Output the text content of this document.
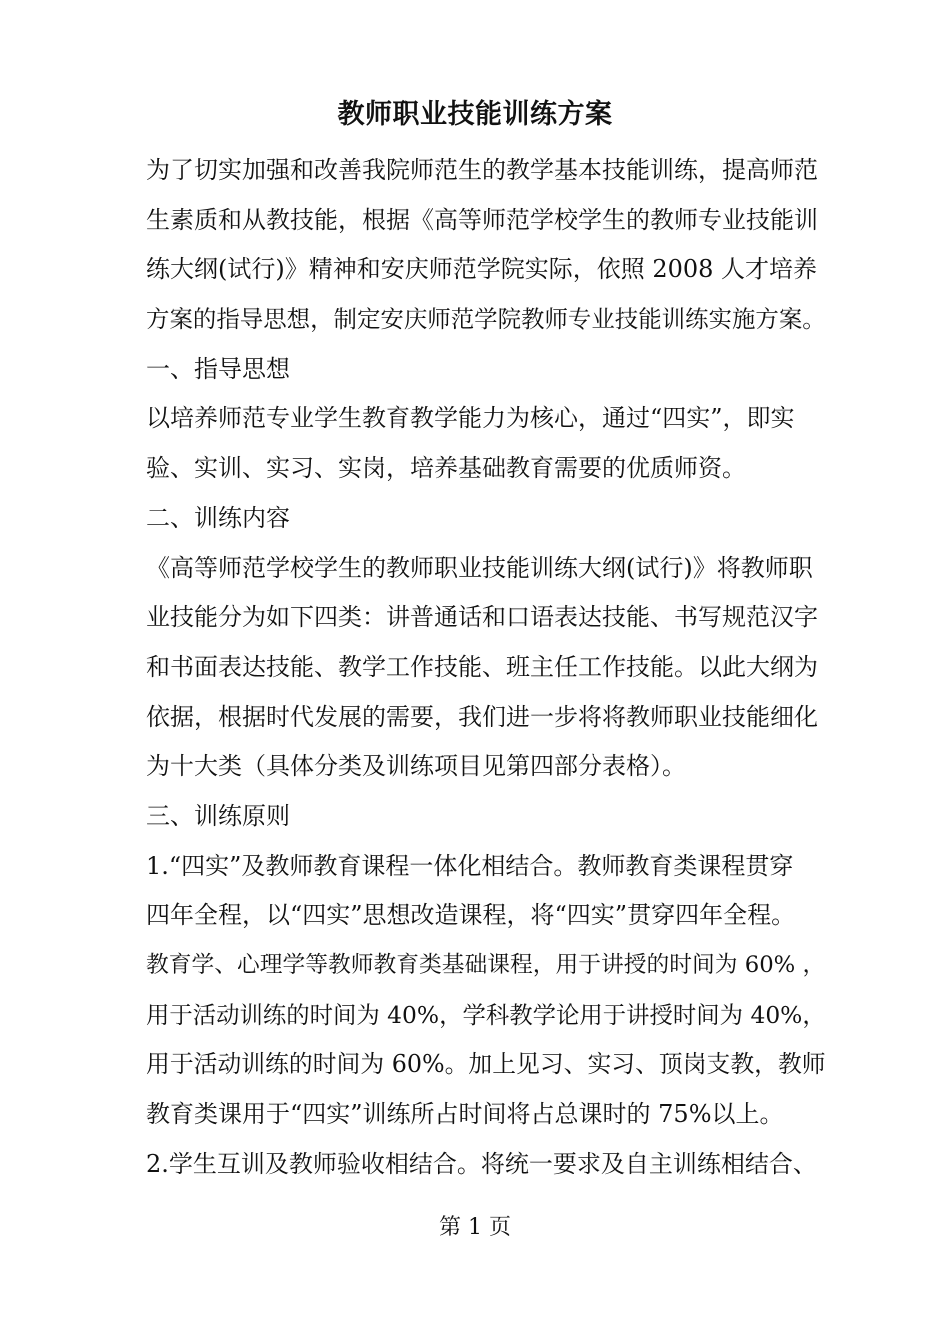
教师职业技能训练方案
为了切实加强和改善我院师范生的教学基本技能训练，提高师范
生素质和从教技能，根据《高等师范学校学生的教师专业技能训
练大纲(试行)》精神和安庆师范学院实际，依照 2008 人才培养
方案的指导思想，制定安庆师范学院教师专业技能训练实施方案。
一、指导思想
以培养师范专业学生教育教学能力为核心，通过“四实”，即实
验、实训、实习、实岗，培养基础教育需要的优质师资。
二、训练内容
《高等师范学校学生的教师职业技能训练大纲(试行)》将教师职
业技能分为如下四类：讲普通话和口语表达技能、书写规范汉字
和书面表达技能、教学工作技能、班主任工作技能。以此大纲为
依据，根据时代发展的需要，我们进一步将将教师职业技能细化
为十大类（具体分类及训练项目见第四部分表格）。
三、训练原则
1.“四实”及教师教育课程一体化相结合。教师教育类课程贯穿
四年全程，以“四实”思想改造课程，将“四实”贯穿四年全程。
教育学、心理学等教师教育类基础课程，用于讲授的时间为 60% ，
用于活动训练的时间为 40%，学科教学论用于讲授时间为 40%，
用于活动训练的时间为 60%。加上见习、实习、顶岗支教，教师
教育类课用于“四实”训练所占时间将占总课时的 75%以上。
2.学生互训及教师验收相结合。将统一要求及自主训练相结合、
第 1 页
